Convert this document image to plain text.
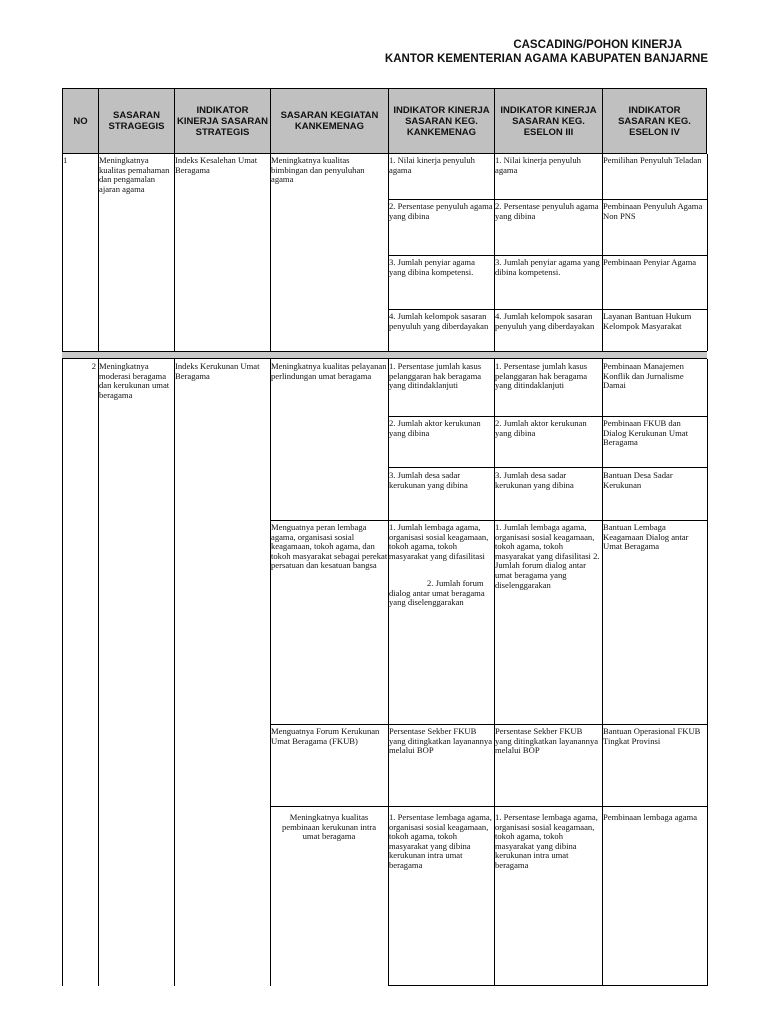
CASCADING/POHON KINERJA
KANTOR KEMENTERIAN AGAMA KABUPATEN BANJARNE
NO	SASARAN STRAGEGIS
INDIKATOR KINERJA SASARAN STRATEGIS
SASARAN KEGIATAN KANKEMENAG
INDIKATOR KINERJA SASARAN KEG. KANKEMENAG
INDIKATOR KINERJA SASARAN KEG. ESELON III
INDIKATOR SASARAN KEG. ESELON IV
1	Meningkatnya kualitas pemahaman dan pengamalan ajaran agama
Indeks Kesalehan Umat Beragama
Meningkatnya kualitas bimbingan dan penyuluhan agama
1. Nilai kinerja penyuluh agama
1. Nilai kinerja penyuluh agama
Pemilihan Penyuluh Teladan
2. Persentase penyuluh agama yang dibina
2. Persentase penyuluh agama yang dibina
Pembinaan Penyuluh Agama Non PNS
3. Jumlah penyiar agama yang dibina kompetensi.
3. Jumlah penyiar agama yang dibina kompetensi.
Pembinaan Penyiar Agama
4. Jumlah kelompok sasaran penyuluh yang diberdayakan
4. Jumlah kelompok sasaran penyuluh yang diberdayakan
Layanan Bantuan Hukum Kelompok Masyarakat
2 Meningkatnya moderasi beragama dan kerukunan umat beragama
Indeks Kerukunan Umat Beragama
Meningkatnya kualitas pelayanan perlindungan umat beragama
1. Persentase jumlah kasus pelanggaran hak beragama yang ditindaklanjuti
1. Persentase jumlah kasus pelanggaran hak beragama yang ditindaklanjuti
Pembinaan Manajemen Konflik dan Jurnalisme Damai
2. Jumlah aktor kerukunan yang dibina
2. Jumlah aktor kerukunan yang dibina
Pembinaan FKUB dan Dialog Kerukunan Umat Beragama
3. Jumlah desa sadar kerukunan yang dibina
3. Jumlah desa sadar kerukunan yang dibina
Bantuan Desa Sadar Kerukunan
Menguatnya peran lembaga agama, organisasi sosial keagamaan, tokoh agama, dan tokoh masyarakat sebagai perekat persatuan dan kesatuan bangsa
1. Jumlah lembaga agama, organisasi sosial keagamaan, tokoh agama, tokoh masyarakat yang difasilitasi
2. Jumlah forum dialog antar umat beragama yang diselenggarakan
1. Jumlah lembaga agama, organisasi sosial keagamaan, tokoh agama, tokoh masyarakat yang difasilitasi 2. Jumlah forum dialog antar umat beragama yang diselenggarakan
Bantuan Lembaga Keagamaan Dialog antar Umat Beragama
Menguatnya Forum Kerukunan Umat Beragama (FKUB)
Persentase Sekber FKUB yang ditingkatkan layanannya melalui BOP
Persentase Sekber FKUB yang ditingkatkan layanannya melalui BOP
Bantuan Operasional FKUB Tingkat Provinsi
Meningkatnya kualitas pembinaan kerukunan intra umat beragama
1. Persentase lembaga agama, organisasi sosial keagamaan, tokoh agama, tokoh masyarakat yang dibina kerukunan intra umat beragama
1. Persentase lembaga agama, organisasi sosial keagamaan, tokoh agama, tokoh masyarakat yang dibina kerukunan intra umat beragama
Pembinaan lembaga agama
